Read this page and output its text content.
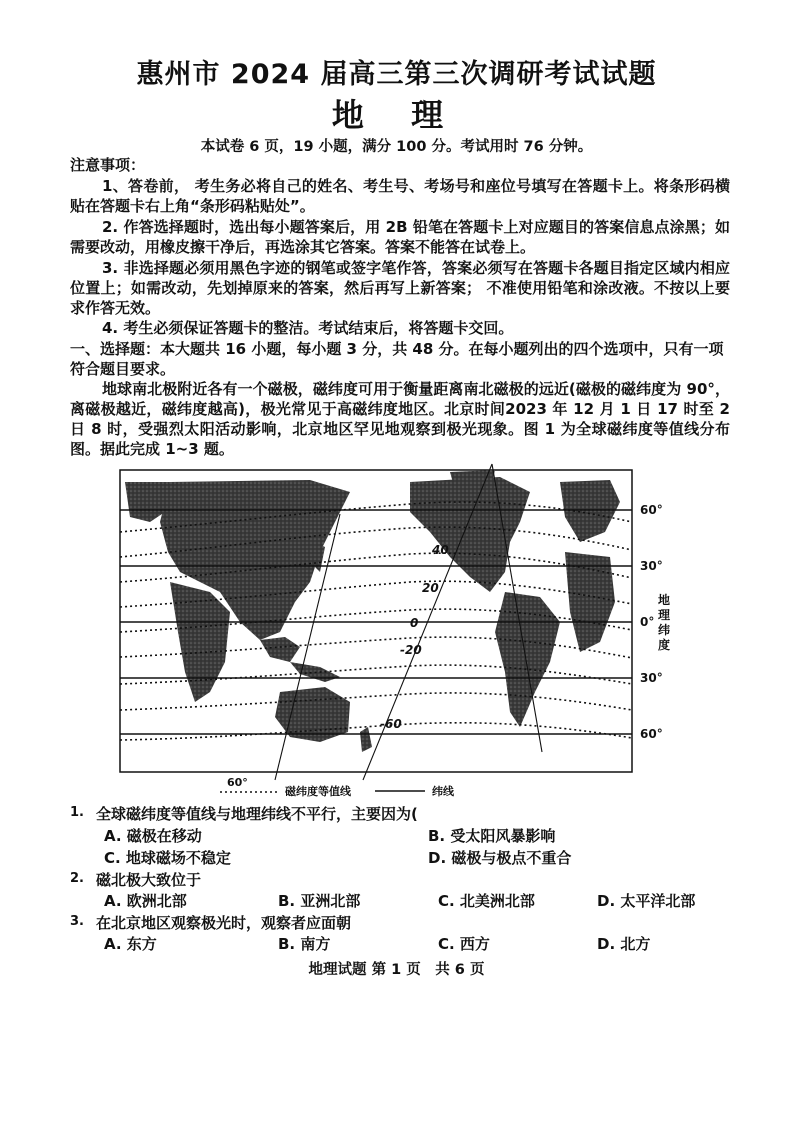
惠州市 2024 届高三第三次调研考试试题
地 理
本试卷 6 页，19 小题，满分 100 分。考试用时 76 分钟。
注意事项：
1、答卷前， 考生务必将自己的姓名、考生号、考场号和座位号填写在答题卡上。将条形码横贴在答题卡右上角“条形码粘贴处”。
2. 作答选择题时，选出每小题答案后，用 2B 铅笔在答题卡上对应题目的答案信息点涂黑；如需要改动，用橡皮擦干净后，再选涂其它答案。答案不能答在试卷上。
3. 非选择题必须用黑色字迹的钢笔或签字笔作答，答案必须写在答题卡各题目指定区域内相应位置上；如需改动，先划掉原来的答案，然后再写上新答案； 不准使用铅笔和涂改液。不按以上要求作答无效。
4. 考生必须保证答题卡的整洁。考试结束后，将答题卡交回。
一、选择题：本大题共 16 小题，每小题 3 分，共 48 分。在每小题列出的四个选项中，只有一项符合题目要求。
地球南北极附近各有一个磁极，磁纬度可用于衡量距离南北磁极的远近(磁极的磁纬度为 90°，离磁极越近，磁纬度越高)，极光常见于高磁纬度地区。北京时间2023 年 12 月 1 日 17 时至 2 日 8 时，受强烈太阳活动影响，北京地区罕见地观察到极光现象。图 1 为全球磁纬度等值线分布图。据此完成 1~3 题。
40
20
0
-20
-60
60°
30°
0°
30°
60°
地
理
纬
度
60°
磁纬度等值线	纬线
1. 全球磁纬度等值线与地理纬线不平行，主要因为(
A. 磁极在移动	B. 受太阳风暴影响
C. 地球磁场不稳定	D. 磁极与极点不重合
2. 磁北极大致位于
A. 欧洲北部	B. 亚洲北部	C. 北美洲北部	D. 太平洋北部
3. 在北京地区观察极光时，观察者应面朝
A. 东方	B. 南方	C. 西方	D. 北方
地理试题 第 1 页　共 6 页
